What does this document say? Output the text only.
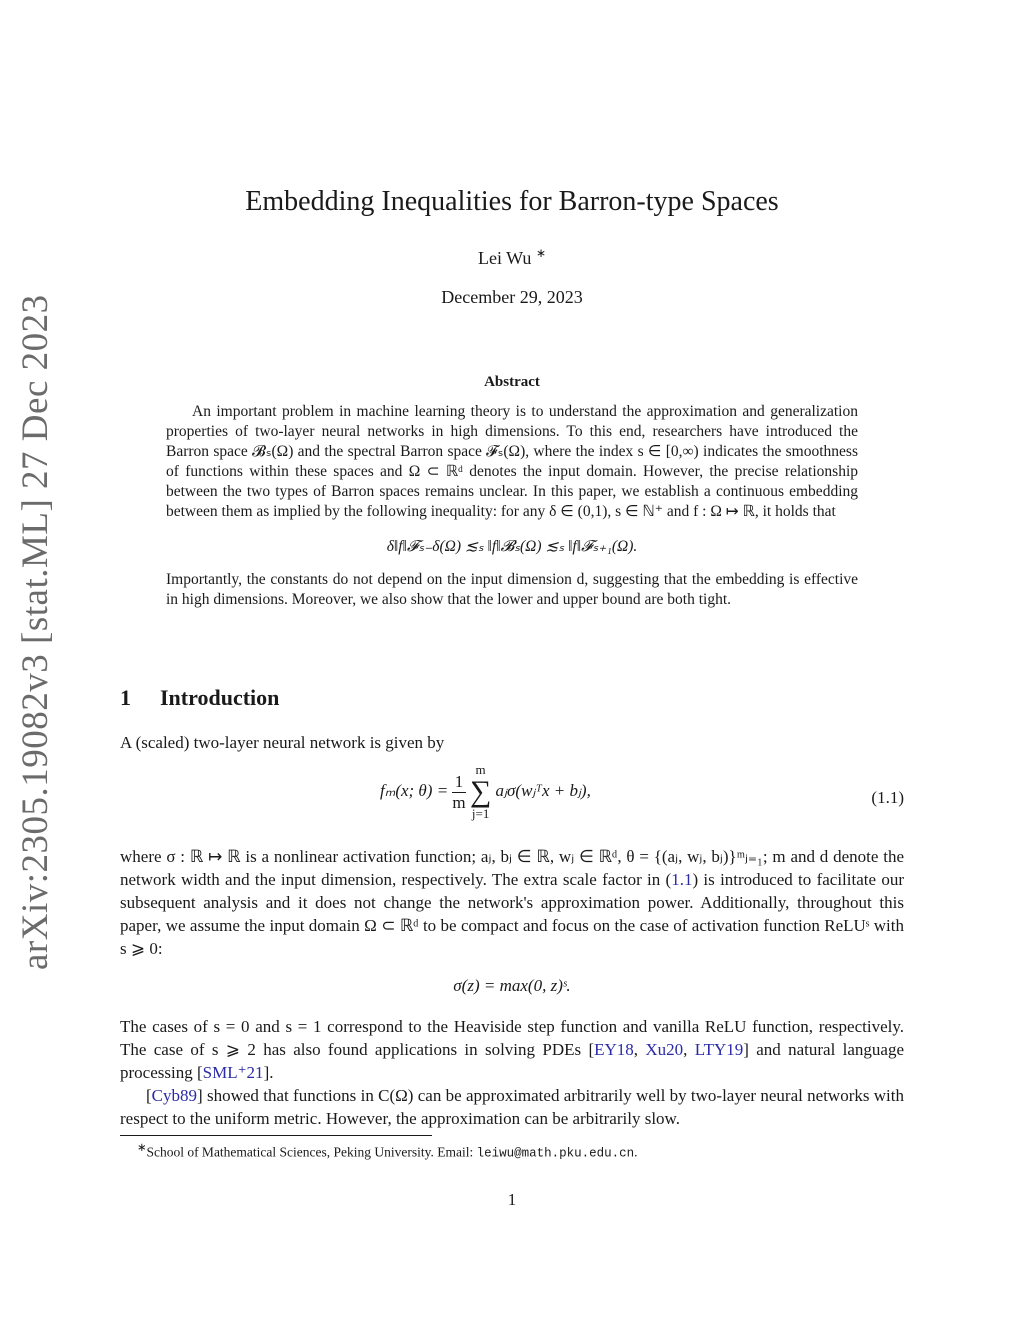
arXiv:2305.19082v3 [stat.ML] 27 Dec 2023
Embedding Inequalities for Barron-type Spaces
Lei Wu ∗
December 29, 2023
Abstract

An important problem in machine learning theory is to understand the approximation and generalization properties of two-layer neural networks in high dimensions. To this end, researchers have introduced the Barron space 𝓑ₛ(Ω) and the spectral Barron space 𝓕ₛ(Ω), where the index s ∈ [0,∞) indicates the smoothness of functions within these spaces and Ω ⊂ ℝᵈ denotes the input domain. However, the precise relationship between the two types of Barron spaces remains unclear. In this paper, we establish a continuous embedding between them as implied by the following inequality: for any δ ∈ (0,1), s ∈ ℕ⁺ and f : Ω ↦ ℝ, it holds that

δ‖f‖𝓕ₛ₋δ(Ω) ≲ₛ ‖f‖𝓑ₛ(Ω) ≲ₛ ‖f‖𝓕ₛ₊₁(Ω).

Importantly, the constants do not depend on the input dimension d, suggesting that the embedding is effective in high dimensions. Moreover, we also show that the lower and upper bound are both tight.

1 Introduction
A (scaled) two-layer neural network is given by
fₘ(x; $\theta) = \frac{1}{m}$
m
∑
j=1 aⱼσ(wⱼᵀx + bⱼ),	(1.1)
where σ : ℝ ↦ ℝ is a nonlinear activation function; aⱼ, bⱼ ∈ ℝ, wⱼ ∈ ℝᵈ, θ = {(aⱼ, wⱼ, bⱼ)}ᵐⱼ₌₁; m and d denote the network width and the input dimension, respectively. The extra scale factor in (1.1) is introduced to facilitate our subsequent analysis and it does not change the network's approximation power. Additionally, throughout this paper, we assume the input domain Ω ⊂ ℝᵈ to be compact and focus on the case of activation function ReLUˢ with s ⩾ 0:
σ(z) = max(0, z)ˢ.
The cases of s = 0 and s = 1 correspond to the Heaviside step function and vanilla ReLU function, respectively. The case of s ⩾ 2 has also found applications in solving PDEs [EY18, Xu20, LTY19] and natural language processing [SML⁺21].

[Cyb89] showed that functions in C(Ω) can be approximated arbitrarily well by two-layer neural networks with respect to the uniform metric. However, the approximation can be arbitrarily slow.

∗School of Mathematical Sciences, Peking University. Email: leiwu@math.pku.edu.cn.
1
